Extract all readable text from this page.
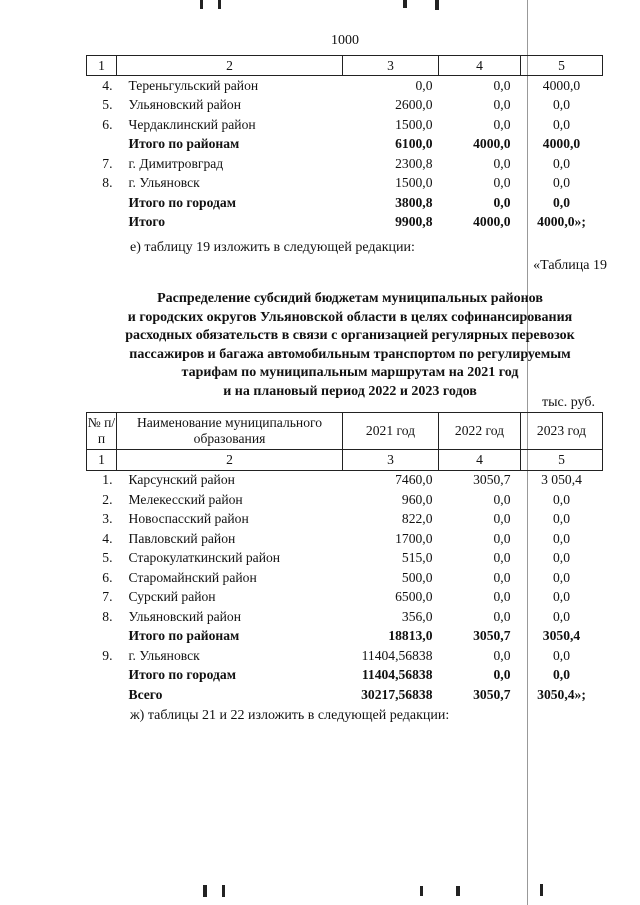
1000
1	2	3	4	5
4.	Тереньгульский район	0,0	0,0	4000,0
5.	Ульяновский район	2600,0	0,0	0,0
6.	Чердаклинский район	1500,0	0,0	0,0
	Итого по районам	6100,0	4000,0	4000,0
7.	г. Димитровград	2300,8	0,0	0,0
8.	г. Ульяновск	1500,0	0,0	0,0
	Итого по городам	3800,8	0,0	0,0
	Итого	9900,8	4000,0	4000,0»;
е) таблицу 19 изложить в следующей редакции:
«Таблица 19
Распределение субсидий бюджетам муниципальных районов
и городских округов Ульяновской области в целях софинансирования
расходных обязательств в связи с организацией регулярных перевозок
пассажиров и багажа автомобильным транспортом по регулируемым
тарифам по муниципальным маршрутам на 2021 год
и на плановый период 2022 и 2023 годов
тыс. руб.
№ п/п	Наименование муниципального образования	2021 год	2022 год	2023 год
1	2	3	4	5
1.	Карсунский район	7460,0	3050,7	3 050,4
2.	Мелекесский район	960,0	0,0	0,0
3.	Новоспасский район	822,0	0,0	0,0
4.	Павловский район	1700,0	0,0	0,0
5.	Старокулаткинский район	515,0	0,0	0,0
6.	Старомайнский район	500,0	0,0	0,0
7.	Сурский район	6500,0	0,0	0,0
8.	Ульяновский район	356,0	0,0	0,0
	Итого по районам	18813,0	3050,7	3050,4
9.	г. Ульяновск	11404,56838	0,0	0,0
	Итого по городам	11404,56838	0,0	0,0
	Всего	30217,56838	3050,7	3050,4»;
ж) таблицы 21 и 22 изложить в следующей редакции:
